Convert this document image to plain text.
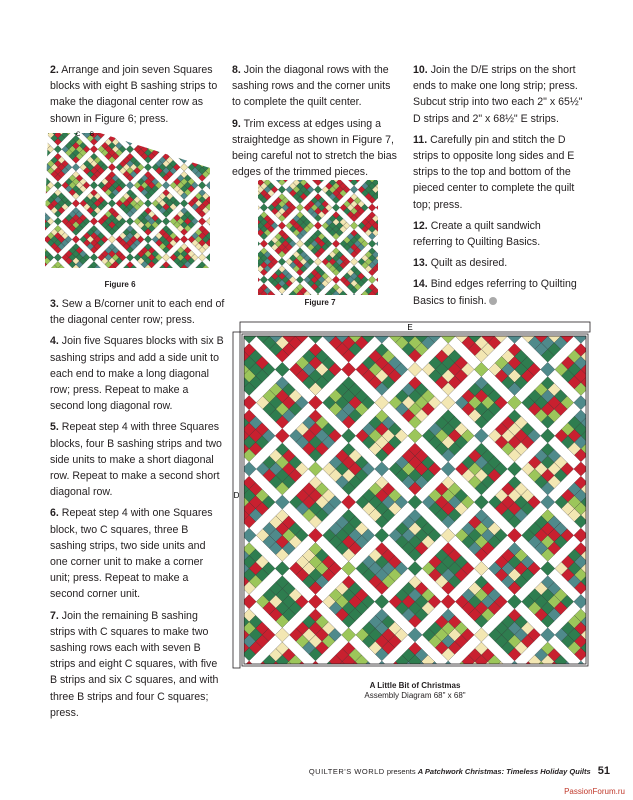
2. Arrange and join seven Squares blocks with eight B sashing strips to make the diagonal center row as shown in Figure 6; press.

3. Sew a B/corner unit to each end of the diagonal center row; press.

4. Join five Squares blocks with six B sashing strips and add a side unit to each end to make a long diagonal row; press. Repeat to make a second long diagonal row.

5. Repeat step 4 with three Squares blocks, four B sashing strips and two side units to make a short diagonal row. Repeat to make a second short diagonal row.

6. Repeat step 4 with one Squares block, two C squares, three B sashing strips, two side units and one corner unit to make a corner unit; press. Repeat to make a second corner unit.

7. Join the remaining B sashing strips with C squares to make two sashing rows each with seven B strips and eight C squares, with five B strips and six C squares, and with three B strips and four C squares; press.

C B
Figure 6

8. Join the diagonal rows with the sashing rows and the corner units to complete the quilt center.

9. Trim excess at edges using a straightedge as shown in Figure 7, being careful not to stretch the bias edges of the trimmed pieces.

Figure 7

10. Join the D/E strips on the short ends to make one long strip; press. Subcut strip into two each 2" x 65½" D strips and 2" x 68½" E strips.

11. Carefully pin and stitch the D strips to opposite long sides and E strips to the top and bottom of the pieced center to complete the quilt top; press.

12. Create a quilt sandwich referring to Quilting Basics.

13. Quilt as desired.

14. Bind edges referring to Quilting Basics to finish.

E
D
A Little Bit of Christmas
Assembly Diagram 68" x 68"
QUILTER'S WORLD presents A Patchwork Christmas: Timeless Holiday Quilts 51
PassionForum.ru
